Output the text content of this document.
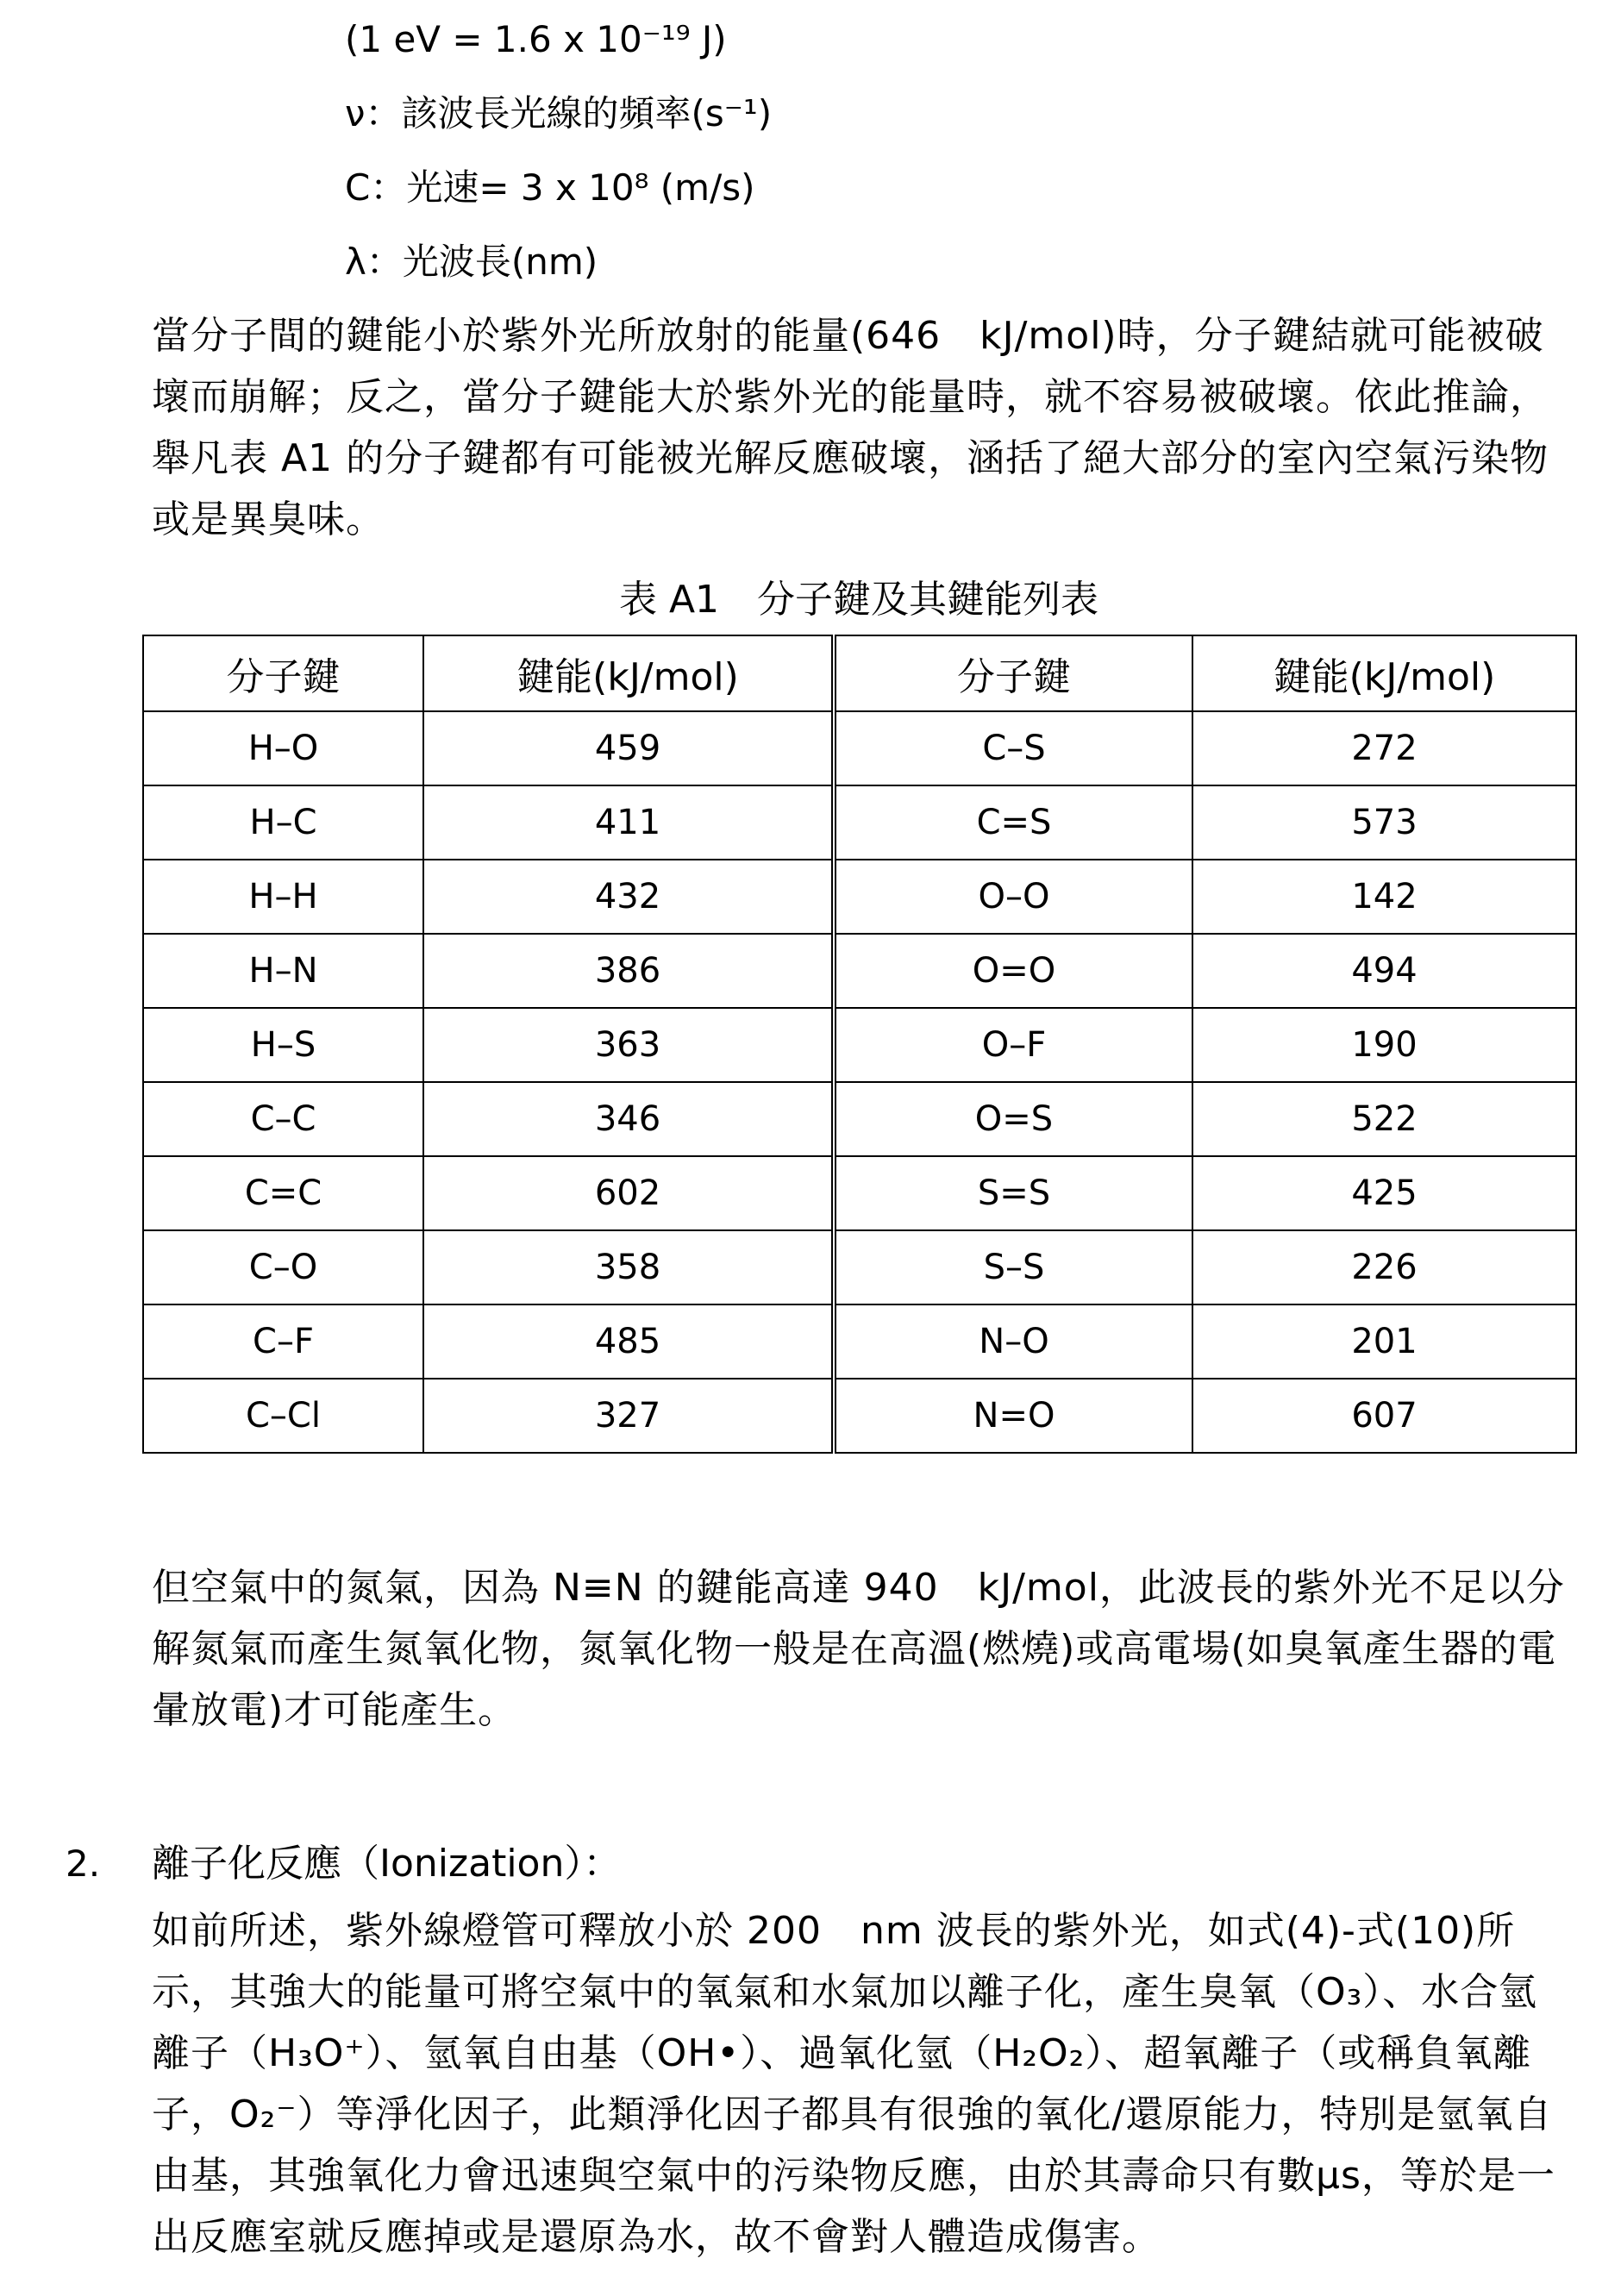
(1 eV = 1.6 x 10⁻¹⁹ J)
ν：該波長光線的頻率(s⁻¹)
C：光速= 3 x 10⁸ (m/s)
λ：光波長(nm)
當分子間的鍵能小於紫外光所放射的能量(646　kJ/mol)時，分子鍵結就可能被破壞而崩解；反之，當分子鍵能大於紫外光的能量時，就不容易被破壞。依此推論，舉凡表 A1 的分子鍵都有可能被光解反應破壞，涵括了絕大部分的室內空氣污染物或是異臭味。
表 A1　分子鍵及其鍵能列表
分子鍵	鍵能(kJ/mol)	分子鍵	鍵能(kJ/mol)
H–O	459	C–S	272
H–C	411	C=S	573
H–H	432	O–O	142
H–N	386	O=O	494
H–S	363	O–F	190
C–C	346	O=S	522
C=C	602	S=S	425
C–O	358	S–S	226
C–F	485	N–O	201
C–Cl	327	N=O	607
但空氣中的氮氣，因為 N≡N 的鍵能高達 940　kJ/mol，此波長的紫外光不足以分解氮氣而產生氮氧化物，氮氧化物一般是在高溫(燃燒)或高電場(如臭氧產生器的電暈放電)才可能產生。
2. 離子化反應（Ionization）：
如前所述，紫外線燈管可釋放小於 200　nm 波長的紫外光，如式(4)-式(10)所示，其強大的能量可將空氣中的氧氣和水氣加以離子化，產生臭氧（O₃）、水合氫離子（H₃O⁺）、氫氧自由基（OH•）、過氧化氫（H₂O₂）、超氧離子（或稱負氧離子，O₂⁻）等淨化因子，此類淨化因子都具有很強的氧化/還原能力，特別是氫氧自由基，其強氧化力會迅速與空氣中的污染物反應，由於其壽命只有數μs，等於是一出反應室就反應掉或是還原為水，故不會對人體造成傷害。
